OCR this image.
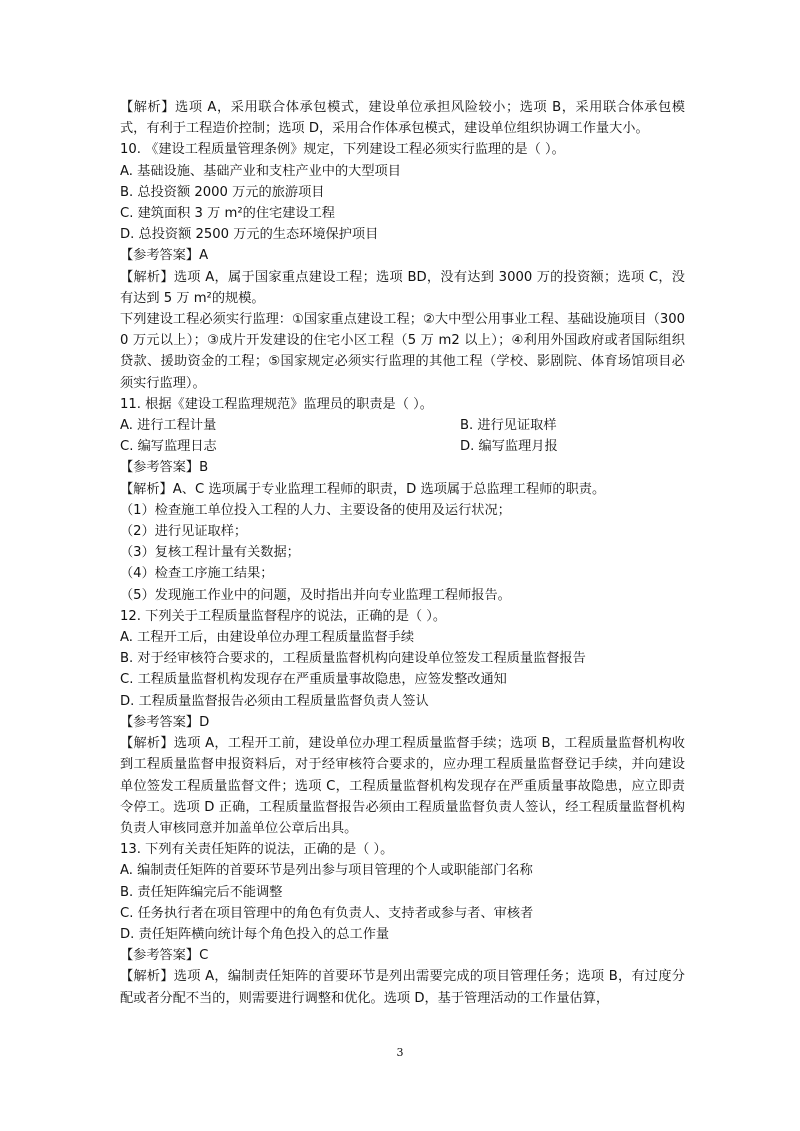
【解析】选项 A，采用联合体承包模式，建设单位承担风险较小；选项 B，采用联合体承包模式，有利于工程造价控制；选项 D，采用合作体承包模式，建设单位组织协调工作量大小。

10. 《建设工程质量管理条例》规定，下列建设工程必须实行监理的是（ ）。

A. 基础设施、基础产业和支柱产业中的大型项目

B. 总投资额 2000 万元的旅游项目

C. 建筑面积 3 万 m²的住宅建设工程

D. 总投资额 2500 万元的生态环境保护项目

【参考答案】A

【解析】选项 A，属于国家重点建设工程；选项 BD，没有达到 3000 万的投资额；选项 C，没有达到 5 万 m²的规模。

下列建设工程必须实行监理：①国家重点建设工程；②大中型公用事业工程、基础设施项目（3000 万元以上）；③成片开发建设的住宅小区工程（5 万 m2 以上）；④利用外国政府或者国际组织贷款、援助资金的工程；⑤国家规定必须实行监理的其他工程（学校、影剧院、体育场馆项目必须实行监理）。

11. 根据《建设工程监理规范》监理员的职责是（ ）。

A. 进行工程计量	B. 进行见证取样
C. 编写监理日志	D. 编写监理月报

【参考答案】B

【解析】A、C 选项属于专业监理工程师的职责，D 选项属于总监理工程师的职责。

（1）检查施工单位投入工程的人力、主要设备的使用及运行状况；

（2）进行见证取样；

（3）复核工程计量有关数据；

（4）检查工序施工结果；

（5）发现施工作业中的问题，及时指出并向专业监理工程师报告。

12. 下列关于工程质量监督程序的说法，正确的是（ ）。

A. 工程开工后，由建设单位办理工程质量监督手续

B. 对于经审核符合要求的，工程质量监督机构向建设单位签发工程质量监督报告

C. 工程质量监督机构发现存在严重质量事故隐患，应签发整改通知

D. 工程质量监督报告必须由工程质量监督负责人签认

【参考答案】D

【解析】选项 A，工程开工前，建设单位办理工程质量监督手续；选项 B，工程质量监督机构收到工程质量监督申报资料后，对于经审核符合要求的，应办理工程质量监督登记手续，并向建设单位签发工程质量监督文件；选项 C，工程质量监督机构发现存在严重质量事故隐患，应立即责令停工。选项 D 正确，工程质量监督报告必须由工程质量监督负责人签认，经工程质量监督机构负责人审核同意并加盖单位公章后出具。

13. 下列有关责任矩阵的说法，正确的是（ ）。

A. 编制责任矩阵的首要环节是列出参与项目管理的个人或职能部门名称

B. 责任矩阵编完后不能调整

C. 任务执行者在项目管理中的角色有负责人、支持者或参与者、审核者

D. 责任矩阵横向统计每个角色投入的总工作量

【参考答案】C

【解析】选项 A，编制责任矩阵的首要环节是列出需要完成的项目管理任务；选项 B，有过度分配或者分配不当的，则需要进行调整和优化。选项 D，基于管理活动的工作量估算，

3
